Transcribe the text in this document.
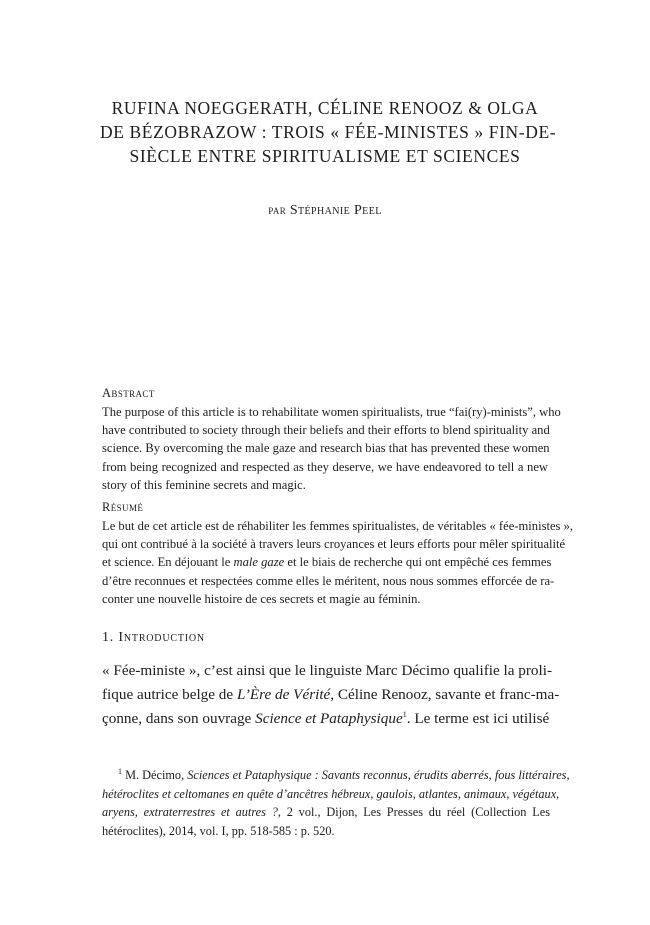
RUFINA NOEGGERATH, CÉLINE RENOOZ & OLGA
DE BÉZOBRAZOW : TROIS « FÉE-MINISTES » FIN-DE-
SIÈCLE ENTRE SPIRITUALISME ET SCIENCES
par Stéphanie Peel
Abstract
The purpose of this article is to rehabilitate women spiritualists, true “fai(ry)-minists”, who
have contributed to society through their beliefs and their efforts to blend spirituality and
science. By overcoming the male gaze and research bias that has prevented these women
from being recognized and respected as they deserve, we have endeavored to tell a new
story of this feminine secrets and magic.
Résumé
Le but de cet article est de réhabiliter les femmes spiritualistes, de véritables « fée-ministes »,
qui ont contribué à la société à travers leurs croyances et leurs efforts pour mêler spiritualité
et science. En déjouant le male gaze et le biais de recherche qui ont empêché ces femmes
d’être reconnues et respectées comme elles le méritent, nous nous sommes efforcée de ra-
conter une nouvelle histoire de ces secrets et magie au féminin.
1. Introduction
« Fée-ministe », c’est ainsi que le linguiste Marc Décimo qualifie la proli-
fique autrice belge de L’Ère de Vérité, Céline Renooz, savante et franc-ma-
çonne, dans son ouvrage Science et Pataphysique$^1$. Le terme est ici utilisé
$^1$ M. Décimo, Sciences et Pataphysique : Savants reconnus, érudits aberrés, fous littéraires,
hétéroclites et celtomanes en quête d’ancêtres hébreux, gaulois, atlantes, animaux, végétaux,
aryens, extraterrestres et autres ?, 2 vol., Dijon, Les Presses du réel (Collection Les
hétéroclites), 2014, vol. I, pp. 518-585 : p. 520.
